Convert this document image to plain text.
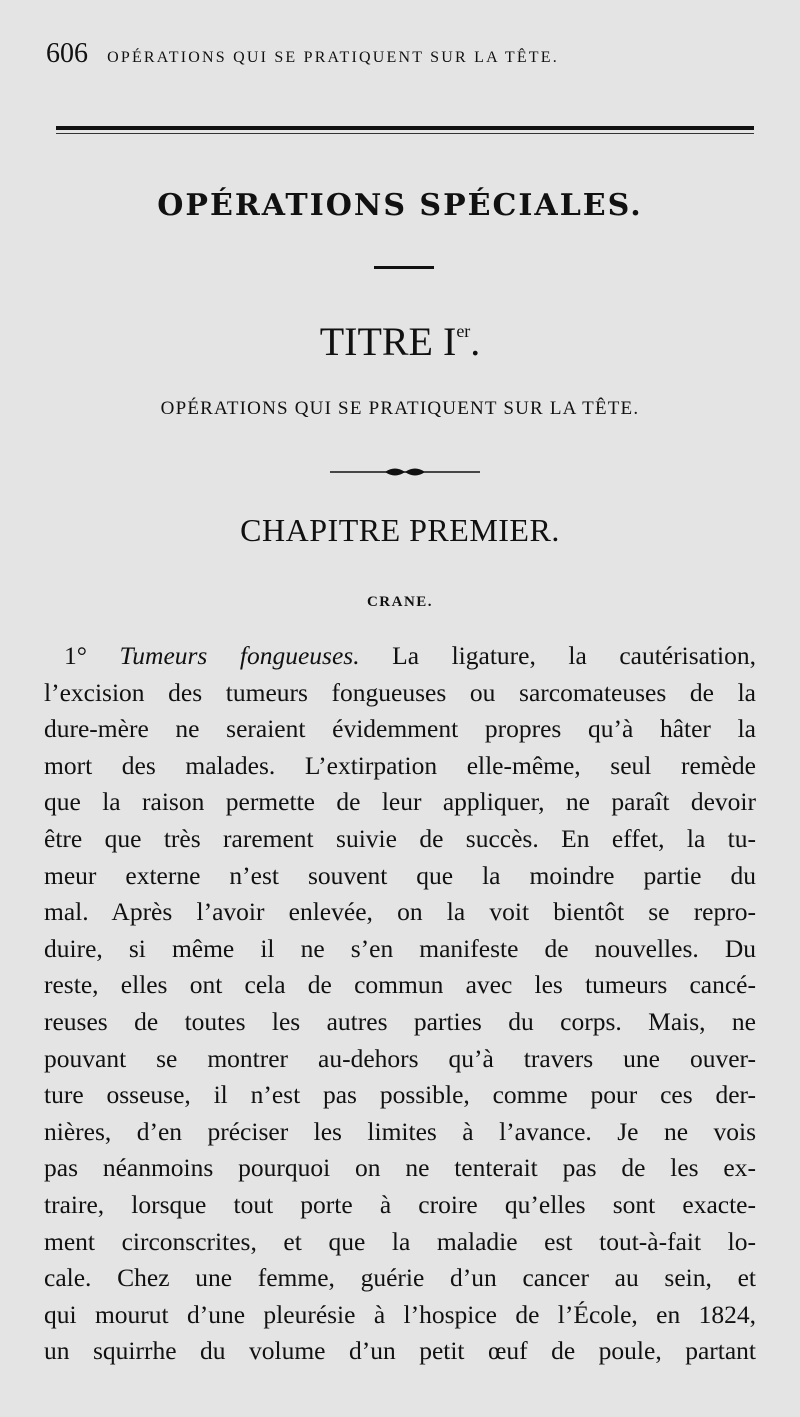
606 OPÉRATIONS QUI SE PRATIQUENT SUR LA TÊTE.
OPÉRATIONS SPÉCIALES.
TITRE Ier.
OPÉRATIONS QUI SE PRATIQUENT SUR LA TÊTE.
CHAPITRE PREMIER.
CRANE.
1° Tumeurs fongueuses. La ligature, la cautérisation,
l’excision des tumeurs fongueuses ou sarcomateuses de la
dure-mère ne seraient évidemment propres qu’à hâter la
mort des malades. L’extirpation elle-même, seul remède
que la raison permette de leur appliquer, ne paraît devoir
être que très rarement suivie de succès. En effet, la tu-
meur externe n’est souvent que la moindre partie du
mal. Après l’avoir enlevée, on la voit bientôt se repro-
duire, si même il ne s’en manifeste de nouvelles. Du
reste, elles ont cela de commun avec les tumeurs cancé-
reuses de toutes les autres parties du corps. Mais, ne
pouvant se montrer au-dehors qu’à travers une ouver-
ture osseuse, il n’est pas possible, comme pour ces der-
nières, d’en préciser les limites à l’avance. Je ne vois
pas néanmoins pourquoi on ne tenterait pas de les ex-
traire, lorsque tout porte à croire qu’elles sont exacte-
ment circonscrites, et que la maladie est tout-à-fait lo-
cale. Chez une femme, guérie d’un cancer au sein, et
qui mourut d’une pleurésie à l’hospice de l’École, en 1824,
un squirrhe du volume d’un petit œuf de poule, partant
